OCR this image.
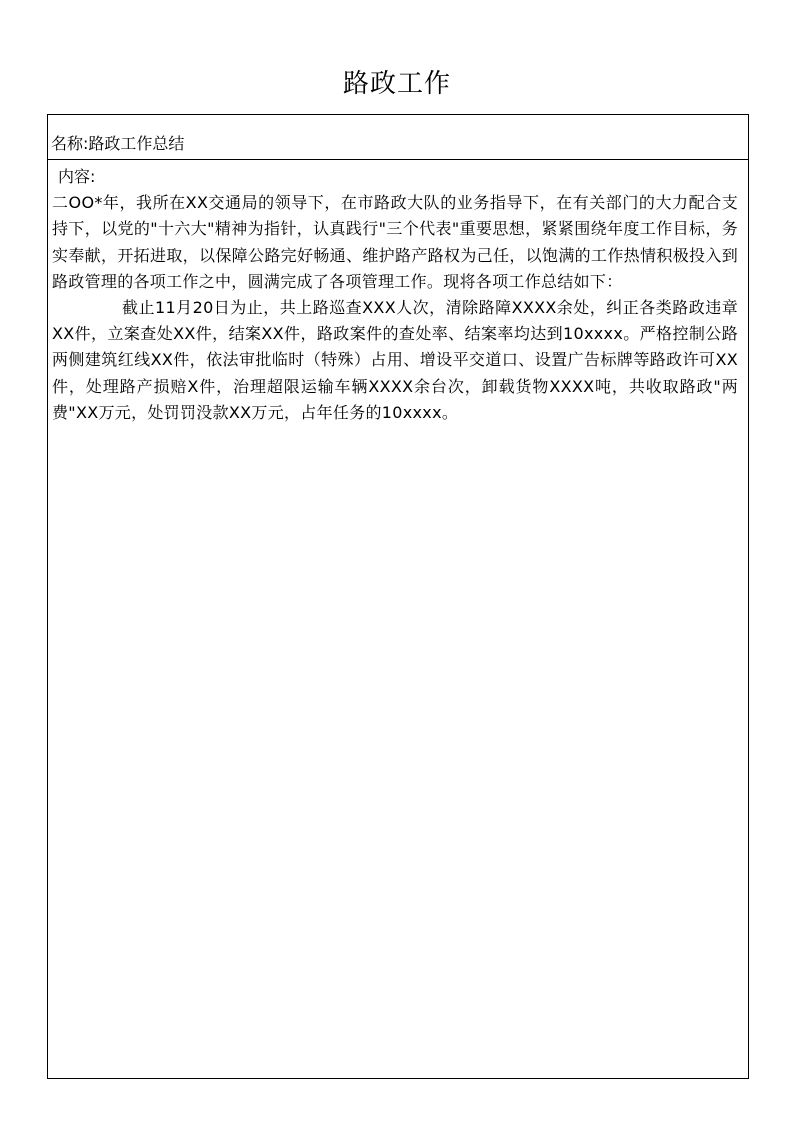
路政工作
名称:路政工作总结
内容:

二OO*年，我所在XX交通局的领导下，在市路政大队的业务指导下，在有关部门的大力配合支持下，以党的"十六大"精神为指针，认真践行"三个代表"重要思想，紧紧围绕年度工作目标，务实奉献，开拓进取，以保障公路完好畅通、维护路产路权为己任，以饱满的工作热情积极投入到路政管理的各项工作之中，圆满完成了各项管理工作。现将各项工作总结如下：

截止11月20日为止，共上路巡查XXX人次，清除路障XXXX余处，纠正各类路政违章XX件，立案查处XX件，结案XX件，路政案件的查处率、结案率均达到10xxxx。严格控制公路两侧建筑红线XX件，依法审批临时（特殊）占用、增设平交道口、设置广告标牌等路政许可XX件，处理路产损赔X件，治理超限运输车辆XXXX余台次，卸载货物XXXX吨，共收取路政"两费"XX万元，处罚罚没款XX万元，占年任务的10xxxx。
